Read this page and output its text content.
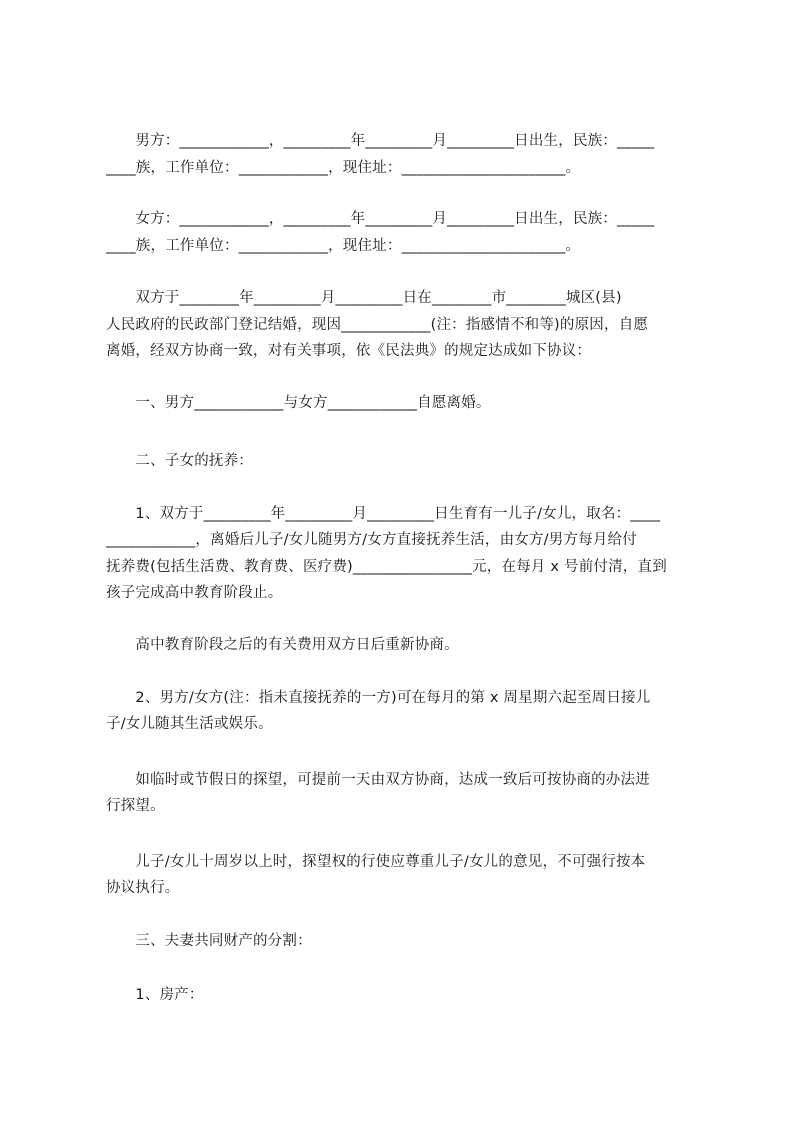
　　男方：____________，_________年_________月_________日出生，民族：_____
____族，工作单位：____________，现住址：______________________。
　　女方：____________，_________年_________月_________日出生，民族：_____
____族，工作单位：____________，现住址：______________________。
　　双方于________年_________月_________日在________市________城区(县)
人民政府的民政部门登记结婚，现因____________(注：指感情不和等)的原因，自愿
离婚，经双方协商一致，对有关事项，依《民法典》的规定达成如下协议：
　　一、男方____________与女方____________自愿离婚。
　　二、子女的抚养：
　　1、双方于_________年_________月_________日生育有一儿子/女儿，取名：____
____________，离婚后儿子/女儿随男方/女方直接抚养生活，由女方/男方每月给付
抚养费(包括生活费、教育费、医疗费)________________元，在每月 x 号前付清，直到
孩子完成高中教育阶段止。
　　高中教育阶段之后的有关费用双方日后重新协商。
　　2、男方/女方(注：指未直接抚养的一方)可在每月的第 x 周星期六起至周日接儿
子/女儿随其生活或娱乐。
　　如临时或节假日的探望，可提前一天由双方协商，达成一致后可按协商的办法进
行探望。
　　儿子/女儿十周岁以上时，探望权的行使应尊重儿子/女儿的意见，不可强行按本
协议执行。
　　三、夫妻共同财产的分割：
　　1、房产：
